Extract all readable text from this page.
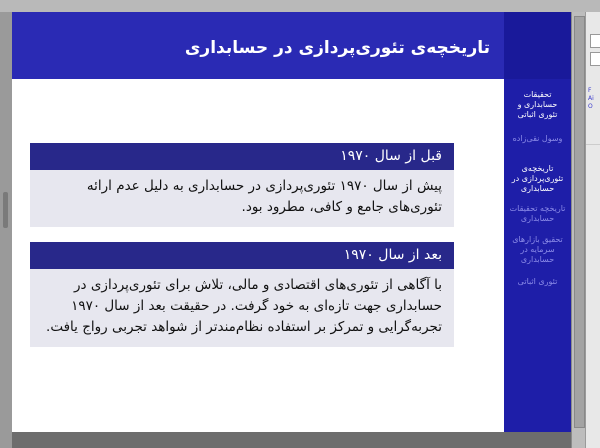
تاریخچه‌ی تئوری‌پردازی در حسابداری
تحقیقات حسابداری و تئوری اثباتی
وسول نقی‌زاده
تاریخچه‌ی تئوری‌پردازی در حسابداری
تاریخچه تحقیقات حسابداری
تحقیق بازارهای سرمایه در حسابداری
تئوری اثباتی
قبل از سال ۱۹۷۰
پیش از سال ۱۹۷۰ تئوری‌پردازی در حسابداری به دلیل عدم ارائه تئوری‌های جامع و کافی، مطرود بود.
بعد از سال ۱۹۷۰
با آگاهی از تئوری‌های اقتصادی و مالی، تلاش برای تئوری‌پردازی در حسابداری جهت تازه‌ای به خود گرفت. در حقیقت بعد از سال ۱۹۷۰ تجربه‌گرایی و تمرکز بر استفاده نظام‌مندتر از شواهد تجربی رواج یافت.
F
Ai
O
